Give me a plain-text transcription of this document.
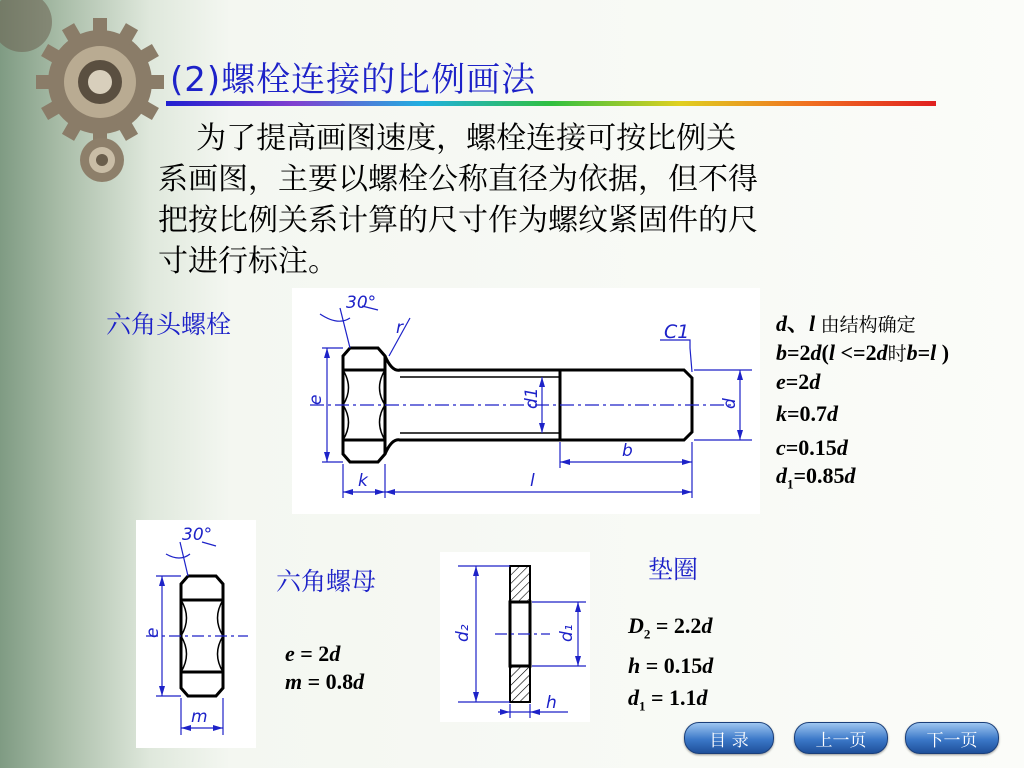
(2)螺栓连接的比例画法
为了提高画图速度，螺栓连接可按比例关
系画图，主要以螺栓公称直径为依据，但不得
把按比例关系计算的尺寸作为螺纹紧固件的尺
寸进行标注。
六角头螺栓
30°
r	C1
e	d1	d
b
k	l
d、l 由结构确定
b=2d(l <=2d时b=l )
e=2d
k=0.7d
c=0.15d
$d_1=0.85d$
30°
e
m
六角螺母
e = 2d
m = 0.8d
d₂	d₁
h
垫圈
$D_2 = 2.2d$
h = 0.15d
$d_1 = 1.1d$
目 录	上一页	下一页
